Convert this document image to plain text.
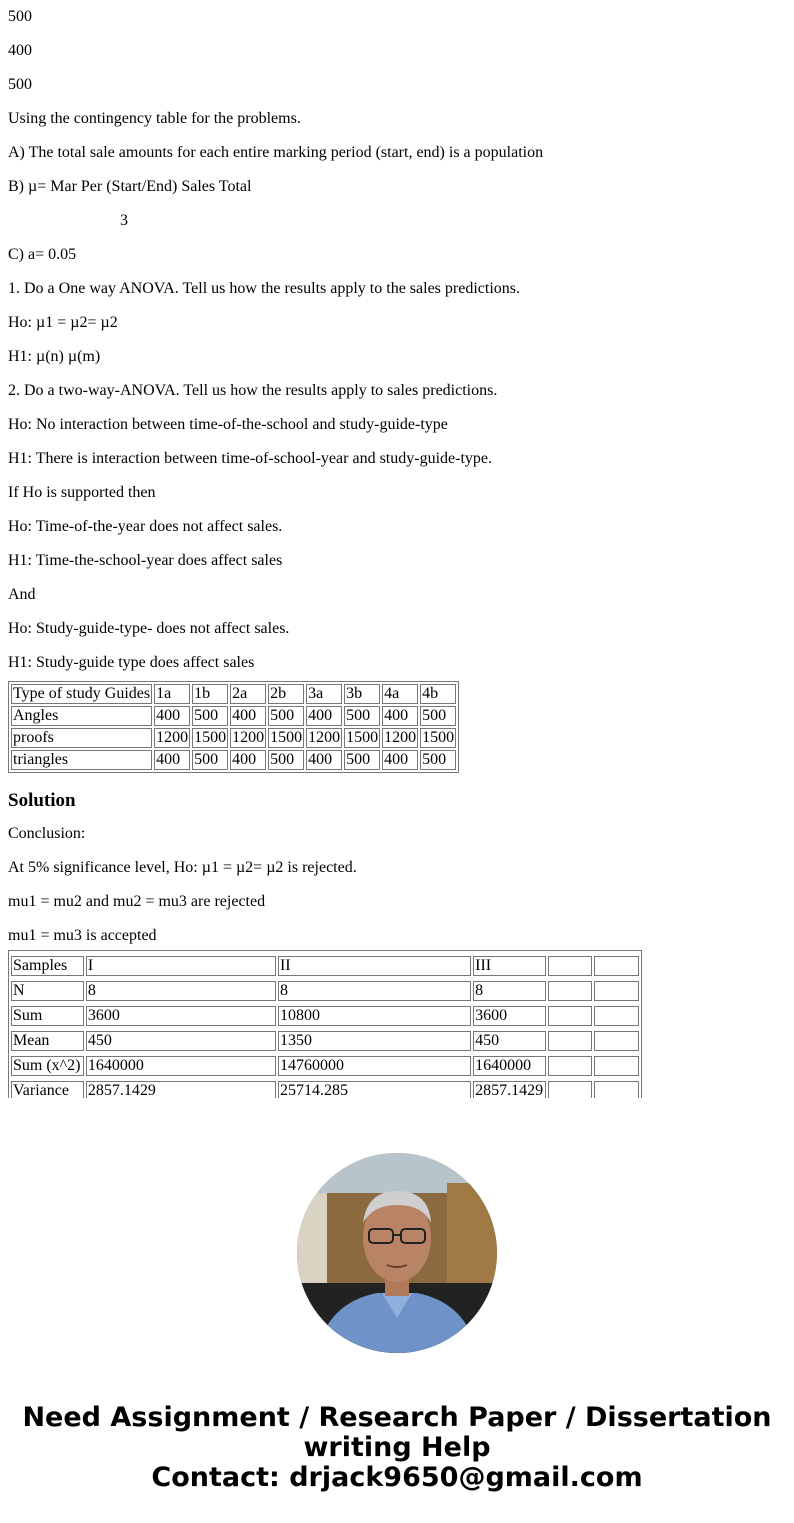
500

400

500

Using the contingency table for the problems.

A) The total sale amounts for each entire marking period (start, end) is a population

B) µ= Mar Per (Start/End) Sales Total

3

C) a= 0.05

1. Do a One way ANOVA. Tell us how the results apply to the sales predictions.

Ho: µ1 = µ2= µ2

H1: µ(n) µ(m)

2. Do a two-way-ANOVA. Tell us how the results apply to sales predictions.

Ho: No interaction between time-of-the-school and study-guide-type

H1: There is interaction between time-of-school-year and study-guide-type.

If Ho is supported then

Ho: Time-of-the-year does not affect sales.

H1: Time-the-school-year does affect sales

And

Ho: Study-guide-type- does not affect sales.

H1: Study-guide type does affect sales

Type of study Guides	1a	1b	2a	2b	3a	3b	4a	4b
Angles	400	500	400	500	400	500	400	500
proofs	1200	1500	1200	1500	1200	1500	1200	1500
triangles	400	500	400	500	400	500	400	500
Solution

Conclusion:

At 5% significance level, Ho: µ1 = µ2= µ2 is rejected.

mu1 = mu2 and mu2 = mu3 are rejected

mu1 = mu3 is accepted

Samples	I	II	III		
N	8	8	8		
Sum	3600	10800	3600		
Mean	450	1350	450		
Sum (x^2)	1640000	14760000	1640000		
Variance	2857.1429	25714.285	2857.1429		
Need Assignment / Research Paper / Dissertation
writing Help
Contact: drjack9650@gmail.com
